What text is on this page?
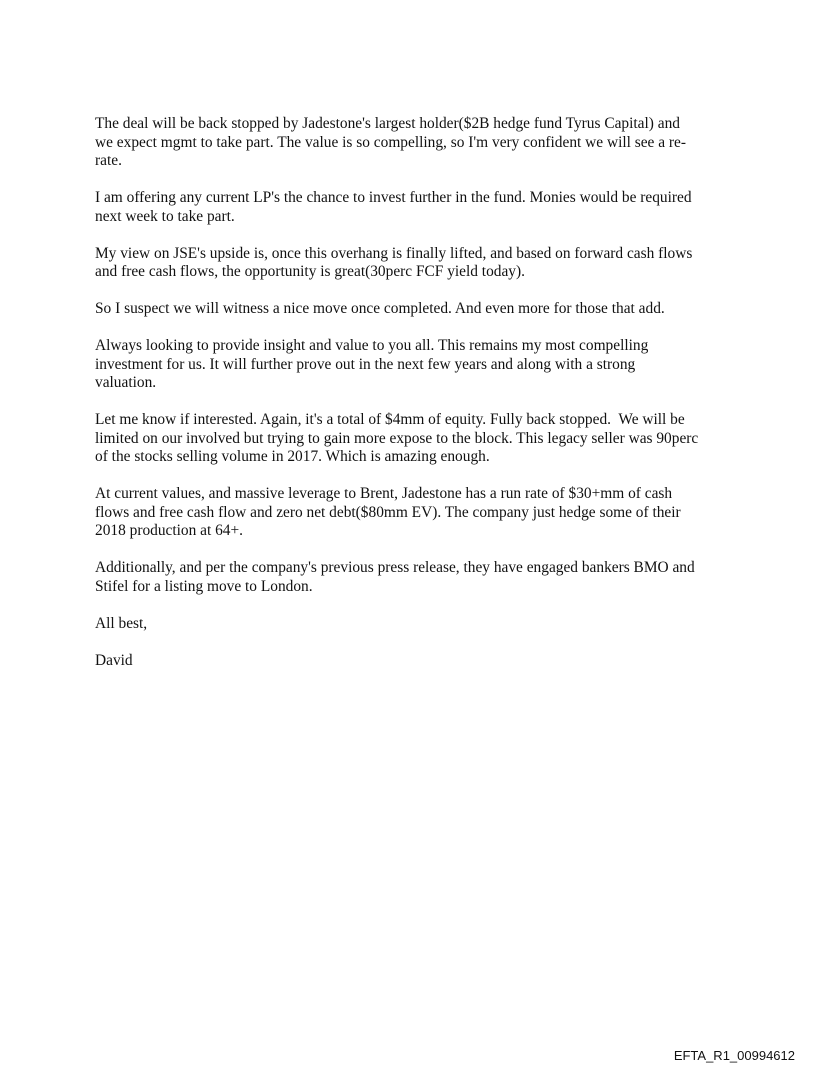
The deal will be back stopped by Jadestone's largest holder($2B hedge fund Tyrus Capital) and
we expect mgmt to take part. The value is so compelling, so I'm very confident we will see a re-
rate.

I am offering any current LP's the chance to invest further in the fund. Monies would be required
next week to take part.

My view on JSE's upside is, once this overhang is finally lifted, and based on forward cash flows
and free cash flows, the opportunity is great(30perc FCF yield today).

So I suspect we will witness a nice move once completed. And even more for those that add.

Always looking to provide insight and value to you all. This remains my most compelling
investment for us. It will further prove out in the next few years and along with a strong
valuation.

Let me know if interested. Again, it's a total of $4mm of equity. Fully back stopped.  We will be
limited on our involved but trying to gain more expose to the block. This legacy seller was 90perc
of the stocks selling volume in 2017. Which is amazing enough.

At current values, and massive leverage to Brent, Jadestone has a run rate of $30+mm of cash
flows and free cash flow and zero net debt($80mm EV). The company just hedge some of their
2018 production at 64+.

Additionally, and per the company's previous press release, they have engaged bankers BMO and
Stifel for a listing move to London.

All best,

David

EFTA_R1_00994612
